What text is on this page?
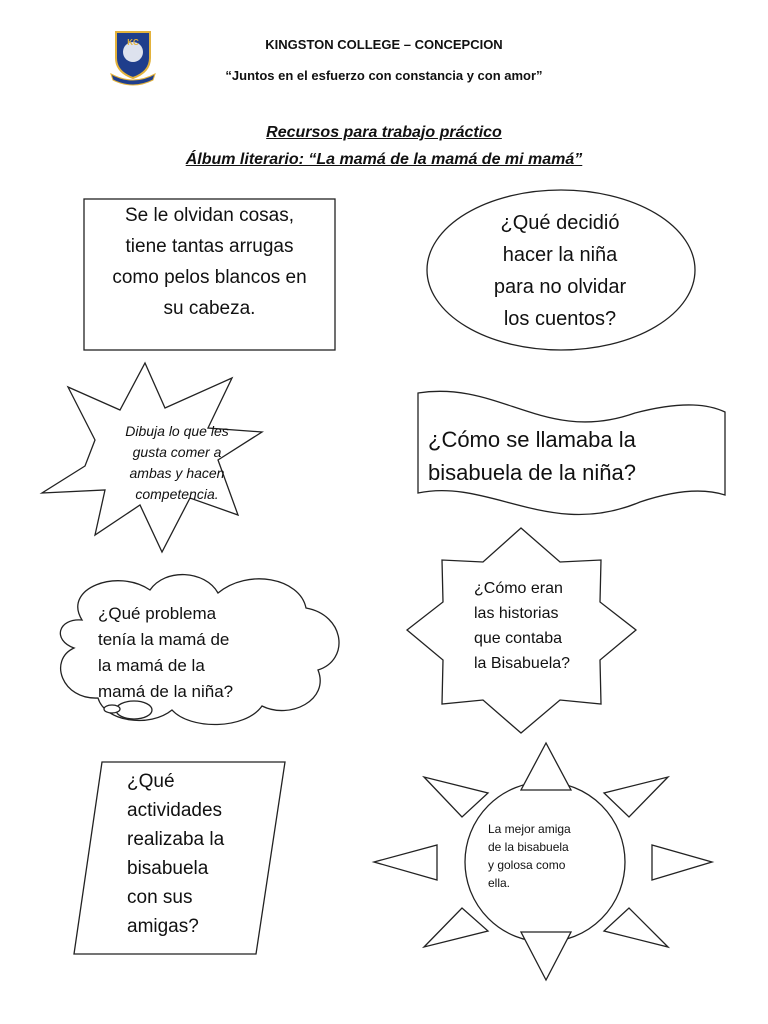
KC	KINGSTON COLLEGE – CONCEPCION
“Juntos en el esfuerzo con constancia y con amor”
Recursos para trabajo práctico
Álbum literario: “La mamá de la mamá de mi mamá”
Se le olvidan cosas,
tiene tantas arrugas
como pelos blancos en
su cabeza.
¿Qué decidió
hacer la niña
para no olvidar
los cuentos?
Dibuja lo que les
gusta comer a
ambas y hacen
competencia.
¿Cómo se llamaba la
bisabuela de la niña?
¿Qué problema
tenía la mamá de
la mamá de la
mamá de la niña?
¿Cómo eran
las historias
que contaba
la Bisabuela?
¿Qué
actividades
realizaba la
bisabuela
con sus
amigas?
La mejor amiga
de la bisabuela
y golosa como
ella.
